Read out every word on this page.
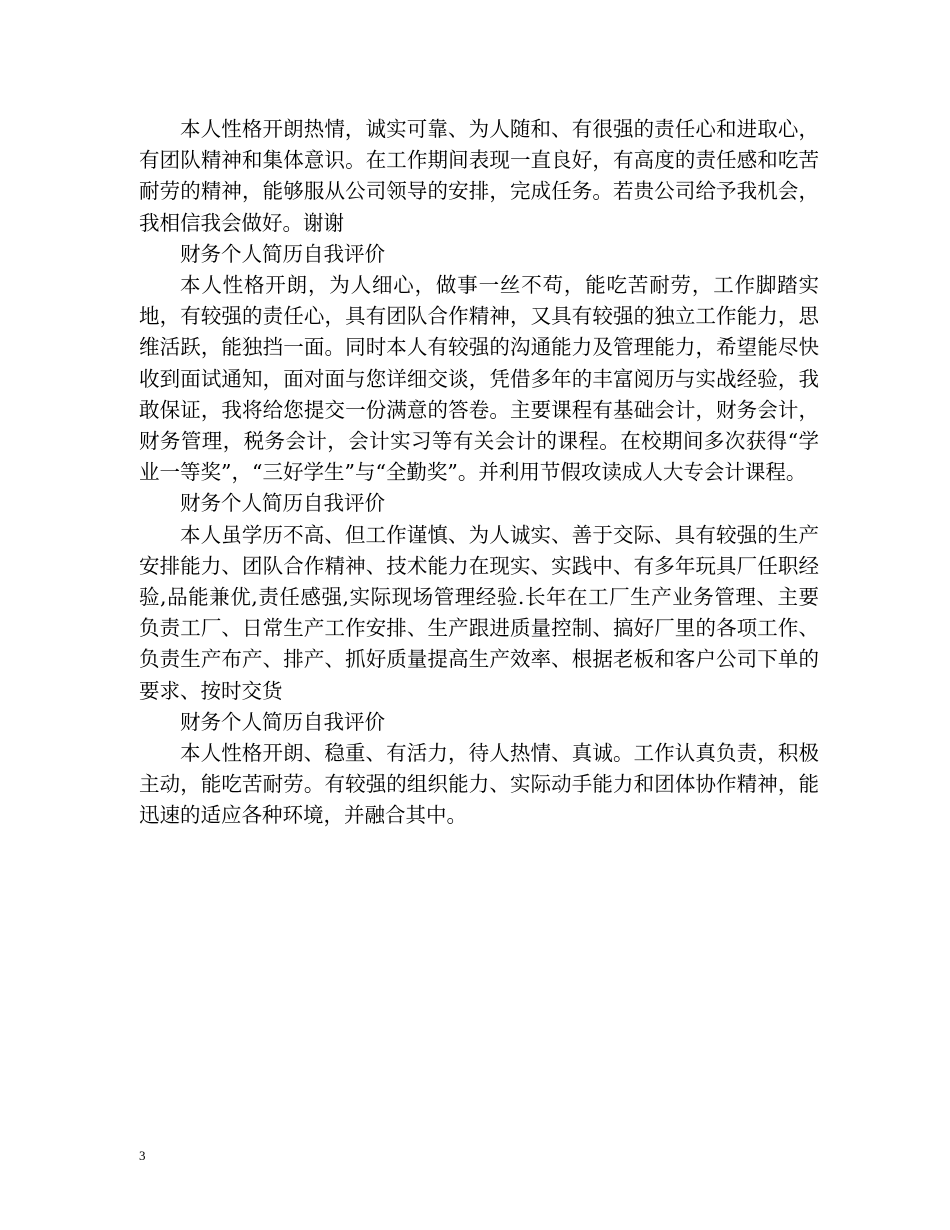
本人性格开朗热情，诚实可靠、为人随和、有很强的责任心和进取心，有团队精神和集体意识。在工作期间表现一直良好，有高度的责任感和吃苦耐劳的精神，能够服从公司领导的安排，完成任务。若贵公司给予我机会，我相信我会做好。谢谢

财务个人简历自我评价

本人性格开朗，为人细心，做事一丝不苟，能吃苦耐劳，工作脚踏实地，有较强的责任心，具有团队合作精神，又具有较强的独立工作能力，思维活跃，能独挡一面。同时本人有较强的沟通能力及管理能力，希望能尽快收到面试通知，面对面与您详细交谈，凭借多年的丰富阅历与实战经验，我敢保证，我将给您提交一份满意的答卷。主要课程有基础会计，财务会计，财务管理，税务会计，会计实习等有关会计的课程。在校期间多次获得“学业一等奖”，“三好学生”与“全勤奖”。并利用节假攻读成人大专会计课程。

财务个人简历自我评价

本人虽学历不高、但工作谨慎、为人诚实、善于交际、具有较强的生产安排能力、团队合作精神、技术能力在现实、实践中、有多年玩具厂任职经验,品能兼优,责任感强,实际现场管理经验.长年在工厂生产业务管理、主要负责工厂、日常生产工作安排、生产跟进质量控制、搞好厂里的各项工作、负责生产布产、排产、抓好质量提高生产效率、根据老板和客户公司下单的要求、按时交货

财务个人简历自我评价

本人性格开朗、稳重、有活力，待人热情、真诚。工作认真负责，积极主动，能吃苦耐劳。有较强的组织能力、实际动手能力和团体协作精神，能迅速的适应各种环境，并融合其中。

3
